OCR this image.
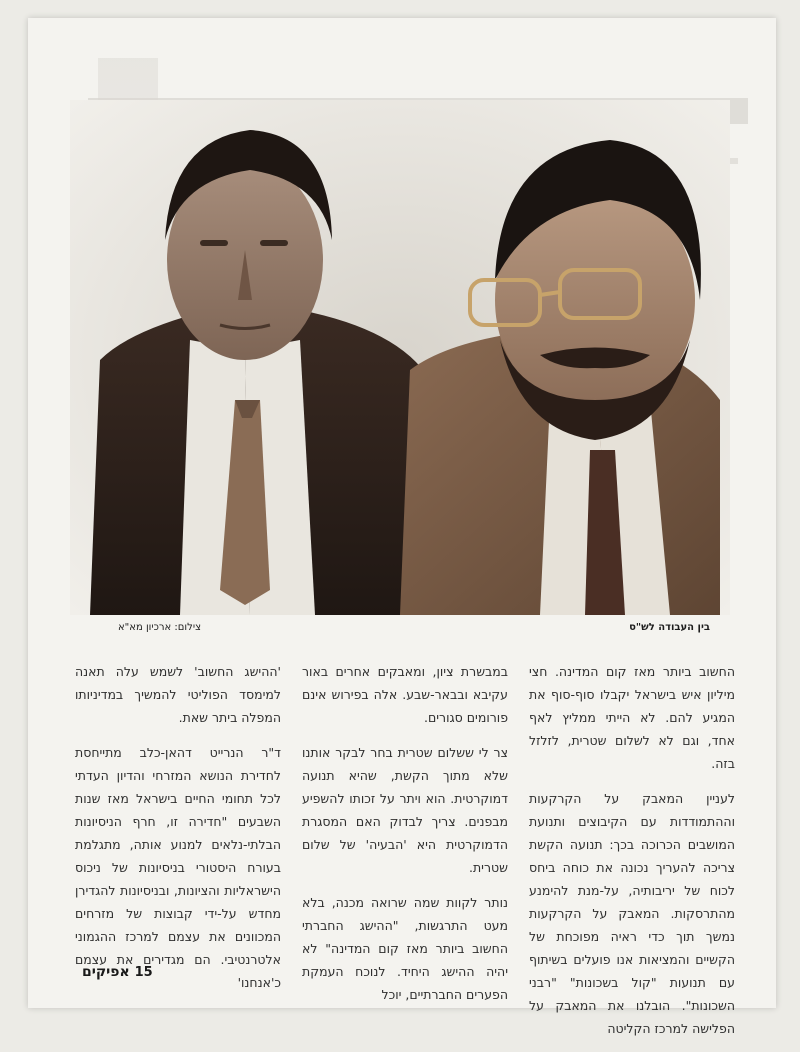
בין העבודה לש"ס
צילום: ארכיון מא"א

החשוב ביותר מאז קום המדינה. חצי מיליון איש בישראל יקבלו סוף-סוף את המגיע להם. לא הייתי ממליץ לאף אחד, וגם לא לשלום שטרית, לזלזל בזה.

לעניין המאבק על הקרקעות וההתמודדות עם הקיבוצים ותנועת המושבים הכרוכה בכך: תנועה הקשת צריכה להעריך נכונה את כוחה ביחס לכוח של יריבותיה, על-מנת להימנע מהתרסקות. המאבק על הקרקעות נמשך תוך כדי ראיה מפוכחת של הקשיים והמציאות אנו פועלים בשיתוף עם תנועות "קול בשכונות" "רבני השכונות". הובלנו את המאבק על הפלישה למרכז הקליטה

במבשרת ציון, ומאבקים אחרים באור עקיבא ובבאר-שבע. אלה בפירוש אינם פורומים סגורים.

צר לי ששלום שטרית בחר לבקר אותנו שלא מתוך הקשת, שהיא תנועה דמוקרטית. הוא ויתר על זכותו להשפיע מבפנים. צריך לבדוק האם המסגרת הדמוקרטית היא 'הבעיה' של שלום שטרית.

נותר לקוות שמה שרואה מכנה, בלא מעט התרגשות, "ההישג החברתי החשוב ביותר מאז קום המדינה" לא יהיה ההישג היחיד. לנוכח העמקת הפערים החברתיים, יוכל

'ההישג החשוב' לשמש עלה תאנה למימסד הפוליטי להמשיך במדיניותו המפלה ביתר שאת.

ד"ר הנרייט דהאן-כלב מתייחסת לחדירת הנושא המזרחי והדיון העדתי לכל תחומי החיים בישראל מאז שנות השבעים "חדירה זו, חרף הניסיונות הבלתי-נלאים למנוע אותה, מתגלמת בעורח היסטורי בניסיונות של ניכוס הישראליות והציונות, ובניסיונות להגדירן מחדש על-ידי קבוצות של מזרחים המכוונים את עצמם למרכז ההגמוני אלטרנטיבי. הם מגדירים את עצמם כ'אנחנו'

15 אפיקים
